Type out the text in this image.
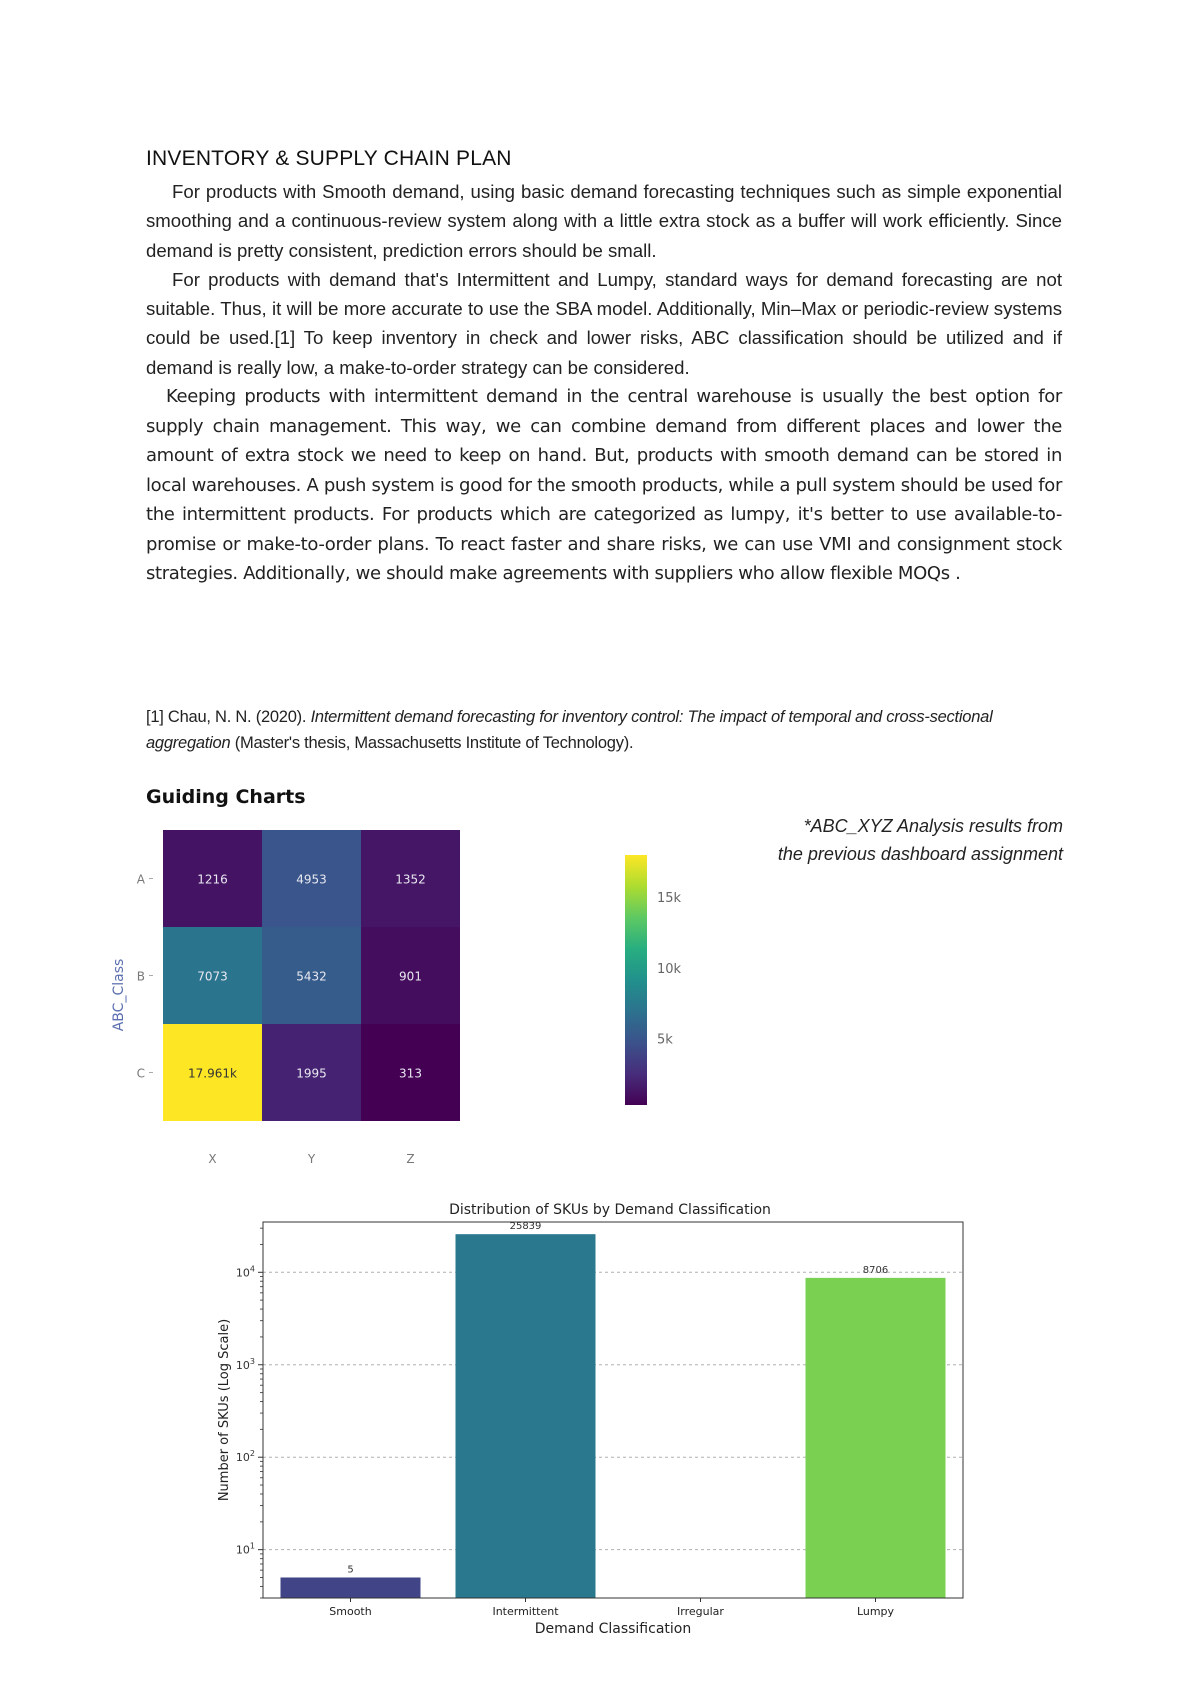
INVENTORY & SUPPLY CHAIN PLAN

For products with Smooth demand, using basic demand forecasting techniques such as simple exponential smoothing and a continuous-review system along with a little extra stock as a buffer will work efficiently. Since demand is pretty consistent, prediction errors should be small.

For products with demand that's Intermittent and Lumpy, standard ways for demand forecasting are not suitable. Thus, it will be more accurate to use the SBA model. Additionally, Min–Max or periodic-review systems could be used.[1] To keep inventory in check and lower risks, ABC classification should be utilized and if demand is really low, a make-to-order strategy can be considered.

Keeping products with intermittent demand in the central warehouse is usually the best option for supply chain management. This way, we can combine demand from different places and lower the amount of extra stock we need to keep on hand. But, products with smooth demand can be stored in local warehouses. A push system is good for the smooth products, while a pull system should be used for the intermittent products. For products which are categorized as lumpy, it's better to use available-to-promise or make-to-order plans. To react faster and share risks, we can use VMI and consignment stock strategies. Additionally, we should make agreements with suppliers who allow flexible MOQs .

[1] Chau, N. N. (2020). Intermittent demand forecasting for inventory control: The impact of temporal and cross-sectional aggregation (Master's thesis, Massachusetts Institute of Technology).
Guiding Charts
*ABC_XYZ Analysis results from
the previous dashboard assignment
1216	4953	1352
7073	5432	901
17.961k	1995	313
A
B
C
X	Y	Z
ABC_Class
5k
10k
15k
Distribution of SKUs by Demand Classification
5
25839
8706
Smooth	Intermittent	Irregular	Lumpy
$10^1$
$10^2$
$10^3$
$10^4$
Demand Classification
Number of SKUs (Log Scale)
